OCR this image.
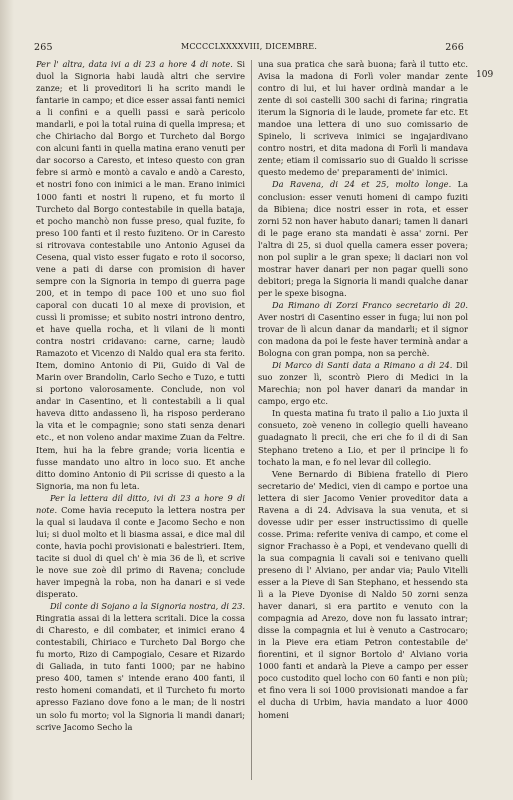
265	MCCCCLXXXXVIII, DICEMBRE.	266

Per l' altra, data ivi a di 23 a hore 4 di note. Si duol la Signoria habi laudà altri che servire zanze; et li proveditori li ha scrito mandi le fantarie in campo; et dice esser assai fanti nemici a li confini e a quelli passi e sarà pericolo mandarli, e poi la total ruina di quella impresa; et che Chiriacho dal Borgo et Turcheto dal Borgo con alcuni fanti in quella matina erano venuti per dar socorso a Caresto, et inteso questo con gran febre si armò e montò a cavalo e andò a Caresto, et nostri fono con inimici a le man. Erano inimici 1000 fanti et nostri li rupeno, et fu morto il Turcheto dal Borgo contestabile in quella bataja, et pocho manchò non fusse preso, qual fuzite, fo preso 100 fanti et il resto fuziteno. Or in Caresto si ritrovava contestabile uno Antonio Agusei da Cesena, qual visto esser fugato e roto il socorso, vene a pati di darse con promision di haver sempre con la Signoria in tempo di guerra page 200, et in tempo di pace 100 et uno suo fiol caporal con ducati 10 al mexe di provision, et cussì li promisse; et subito nostri introno dentro, et have quella rocha, et li vilani de li monti contra nostri cridavano: carne, carne; laudò Ramazoto et Vicenzo di Naldo qual era sta ferito. Item, domino Antonio di Pii, Guido di Val de Marin over Brandolin, Carlo Secho e Tuzo, e tutti si portono valorosamente. Conclude, non vol andar in Casentino, et li contestabili a li qual haveva ditto andasseno lì, ha risposo perderano la vita et le compagnie; sono stati senza denari etc., et non voleno andar maxime Zuan da Feltre. Item, hui ha la febre grande; voria licentia e fusse mandato uno altro in loco suo. Et anche ditto domino Antonio di Pii scrisse di questo a la Signoria, ma non fu leta.

Per la lettera dil ditto, ivi di 23 a hore 9 di note. Come havia receputo la lettera nostra per la qual si laudava il conte e Jacomo Secho e non lui; si duol molto et li biasma assai, e dice mal dil conte, havia pochi provisionati e balestrieri. Item, tacite si duol di quel ch' è mia 36 de lì, et scrive le nove sue zoè dil primo di Ravena; conclude haver impegnà la roba, non ha danari e si vede disperato.

Dil conte di Sojano a la Signoria nostra, di 23. Ringratia assai di la lettera scritali. Dice la cossa di Charesto, e dil combater, et inimici erano 4 contestabili, Chiriaco e Turcheto Dal Borgo che fu morto, Rizo di Campogialo, Cesare et Rizardo di Galiada, in tuto fanti 1000; par ne habino preso 400, tamen s' intende erano 400 fanti, il resto homeni comandati, et il Turcheto fu morto apresso Faziano dove fono a le man; de li nostri un solo fu morto; vol la Signoria li mandi danari; scrive Jacomo Secho la

una sua pratica che sarà buona; farà il tutto etc. Avisa la madona di Forlì voler mandar zente contro di lui, et lui haver ordinà mandar a le zente di soi castelli 300 sachi di farina; ringratia iterum la Signoria di le laude, promete far etc. Et mandoe una lettera di uno suo comissario de Spinelo, li scriveva inimici se ingajardivano contro nostri, et dita madona di Forlì li mandava zente; etiam il comissario suo di Gualdo li scrisse questo medemo de' preparamenti de' inimici.

Da Ravena, di 24 et 25, molto longe. La conclusion: esser venuti homeni di campo fuziti da Bibiena; dice nostri esser in rota, et esser zorni 52 non haver habuto danari; tamen li danari di le page erano sta mandati è assa' zorni. Per l'altra di 25, si duol quella camera esser povera; non pol suplir a le gran spexe; li daciari non vol mostrar haver danari per non pagar quelli sono debitori; prega la Signoria li mandi qualche danar per le spexe bisogna.

Da Rimano di Zorzi Franco secretario di 20. Aver nostri di Casentino esser in fuga; lui non pol trovar de lì alcun danar da mandarli; et il signor con madona da poi le feste haver terminà andar a Bologna con gran pompa, non sa perchè.

Di Marco di Santi data a Rimano a di 24. Dil suo zonzer lì, scontrò Piero di Medici in la Marechia; non pol haver danari da mandar in campo, ergo etc.

In questa matina fu trato il palio a Lio juxta il consueto, zoè veneno in collegio quelli haveano guadagnato li precii, che eri che fo il di di San Stephano treteno a Lio, et per il principe li fo tochato la man, e fo nel levar dil collegio.

Vene Bernardo di Bibiena fratello di Piero secretario de' Medici, vien di campo e portoe una lettera di sier Jacomo Venier proveditor data a Ravena a di 24. Advisava la sua venuta, et si dovesse udir per esser instructissimo di quelle cosse. Prima: referite veniva di campo, et come el signor Frachasso è a Popi, et vendevano quelli di la sua compagnia li cavali soi e tenivano quelli preseno di l' Alviano, per andar via; Paulo Vitelli esser a la Pieve di San Stephano, et hessendo sta lì a la Pieve Dyonise di Naldo 50 zorni senza haver danari, si era partito e venuto con la compagnia ad Arezo, dove non fu lassato intrar; disse la compagnia et lui è venuto a Castrocaro; in la Pieve era etiam Petron contestabile de' fiorentini, et il signor Bortolo d' Alviano voria 1000 fanti et andarà la Pieve a campo per esser poco custodito quel locho con 60 fanti e non più; et fino vera li soi 1000 provisionati mandoe a far el ducha di Urbim, havia mandato a luor 4000 homeni

109
